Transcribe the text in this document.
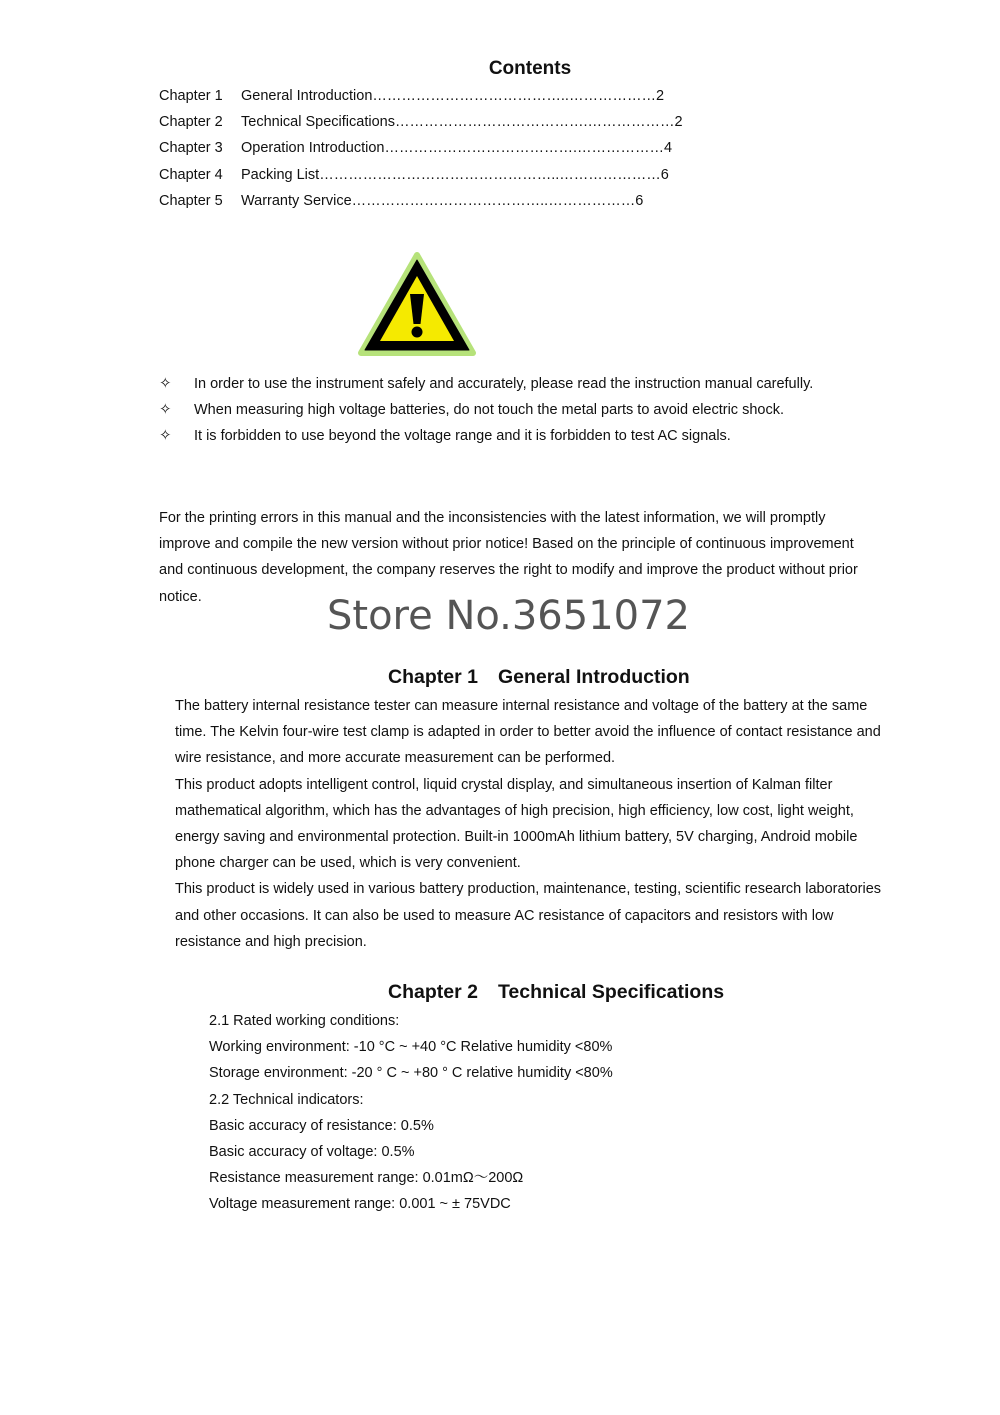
Contents
Chapter 1 General Introduction…………………………………..………………2
Chapter 2 Technical Specifications………………………………….………………2
Chapter 3 Operation Introduction………………………………….………………4
Chapter 4 Packing List…………………………………………..…………………6
Chapter 5 Warranty Service…………………………………..………………6
✧ In order to use the instrument safely and accurately, please read the instruction manual carefully.
✧ When measuring high voltage batteries, do not touch the metal parts to avoid electric shock.
✧ It is forbidden to use beyond the voltage range and it is forbidden to test AC signals.
For the printing errors in this manual and the inconsistencies with the latest information, we will promptly
improve and compile the new version without prior notice! Based on the principle of continuous improvement
and continuous development, the company reserves the right to modify and improve the product without prior
notice.	Store No.3651072
Chapter 1 General Introduction
The battery internal resistance tester can measure internal resistance and voltage of the battery at the same
time. The Kelvin four-wire test clamp is adapted in order to better avoid the influence of contact resistance and
wire resistance, and more accurate measurement can be performed.
This product adopts intelligent control, liquid crystal display, and simultaneous insertion of Kalman filter
mathematical algorithm, which has the advantages of high precision, high efficiency, low cost, light weight,
energy saving and environmental protection. Built-in 1000mAh lithium battery, 5V charging, Android mobile
phone charger can be used, which is very convenient.
This product is widely used in various battery production, maintenance, testing, scientific research laboratories
and other occasions. It can also be used to measure AC resistance of capacitors and resistors with low
resistance and high precision.
Chapter 2 Technical Specifications
2.1 Rated working conditions:
Working environment: -10 °C ~ +40 °C Relative humidity <80%
Storage environment: -20 ° C ~ +80 ° C relative humidity <80%
2.2 Technical indicators:
Basic accuracy of resistance: 0.5%
Basic accuracy of voltage: 0.5%
Resistance measurement range: 0.01mΩ～200Ω
Voltage measurement range: 0.001 ~ ± 75VDC
